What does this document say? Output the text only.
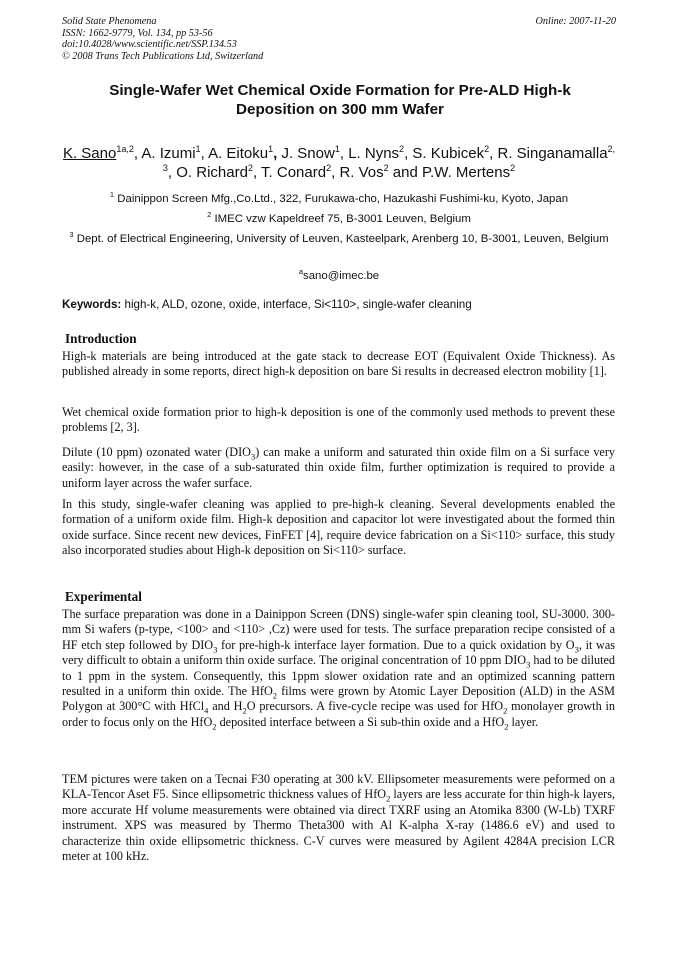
Solid State Phenomena
ISSN: 1662-9779, Vol. 134, pp 53-56
doi:10.4028/www.scientific.net/SSP.134.53
© 2008 Trans Tech Publications Ltd, Switzerland
Online: 2007-11-20
Single-Wafer Wet Chemical Oxide Formation for Pre-ALD High-k Deposition on 300 mm Wafer
K. Sano$^{1a,2}$, A. Izumi$^1$, A. Eitoku$^1$, J. Snow$^1$, L. Nyns$^2$, S. Kubicek$^2$, R. Singanamalla$^{2, 3}$, O. Richard$^2$, T. Conard$^2$, R. Vos$^2$ and P.W. Mertens$^2$
$^1$ Dainippon Screen Mfg.,Co.Ltd., 322, Furukawa-cho, Hazukashi Fushimi-ku, Kyoto, Japan
$^2$ IMEC vzw Kapeldreef 75, B-3001 Leuven, Belgium
$^3$ Dept. of Electrical Engineering, University of Leuven, Kasteelpark, Arenberg 10, B-3001, Leuven, Belgium
$^a$sano@imec.be
Keywords: high-k, ALD, ozone, oxide, interface, Si<110>, single-wafer cleaning
Introduction
High-k materials are being introduced at the gate stack to decrease EOT (Equivalent Oxide Thickness). As published already in some reports, direct high-k deposition on bare Si results in decreased electron mobility [1].
Wet chemical oxide formation prior to high-k deposition is one of the commonly used methods to prevent these problems [2, 3].
Dilute (10 ppm) ozonated water $(DIO_3)$ can make a uniform and saturated thin oxide film on a Si surface very easily: however, in the case of a sub-saturated thin oxide film, further optimization is required to provide a uniform layer across the wafer surface.
In this study, single-wafer cleaning was applied to pre-high-k cleaning. Several developments enabled the formation of a uniform oxide film. High-k deposition and capacitor lot were investigated about the formed thin oxide surface. Since recent new devices, FinFET [4], require device fabrication on a Si<110> surface, this study also incorporated studies about High-k deposition on Si<110> surface.
Experimental
The surface preparation was done in a Dainippon Screen (DNS) single-wafer spin cleaning tool, SU-3000. 300-mm Si wafers (p-type, <100> and <110> ,Cz) were used for tests. The surface preparation recipe consisted of a HF etch step followed by $DIO_3$ for pre-high-k interface layer formation. Due to a quick oxidation by $O_3$, it was very difficult to obtain a uniform thin oxide surface. The original concentration of 10 ppm $DIO_3$ had to be diluted to 1 ppm in the system. Consequently, this 1ppm slower oxidation rate and an optimized scanning pattern resulted in a uniform thin oxide. The HfO$_2$ films were grown by Atomic Layer Deposition (ALD) in the ASM Polygon at 300°C with HfCl$_4$ and $H_2O$ precursors. A five-cycle recipe was used for HfO$_2$ monolayer growth in order to focus only on the HfO$_2$ deposited interface between a Si sub-thin oxide and a HfO$_2$ layer.
TEM pictures were taken on a Tecnai F30 operating at 300 kV. Ellipsometer measurements were peformed on a KLA-Tencor Aset F5. Since ellipsometric thickness values of HfO$_2$ layers are less accurate for thin high-k layers, more accurate Hf volume measurements were obtained via direct TXRF using an Atomika 8300 (W-Lb) TXRF instrument. XPS was measured by Thermo Theta300 with Al K-alpha X-ray (1486.6 eV) and used to characterize thin oxide ellipsometric thickness. C-V curves were measured by Agilent 4284A precision LCR meter at 100 kHz.
